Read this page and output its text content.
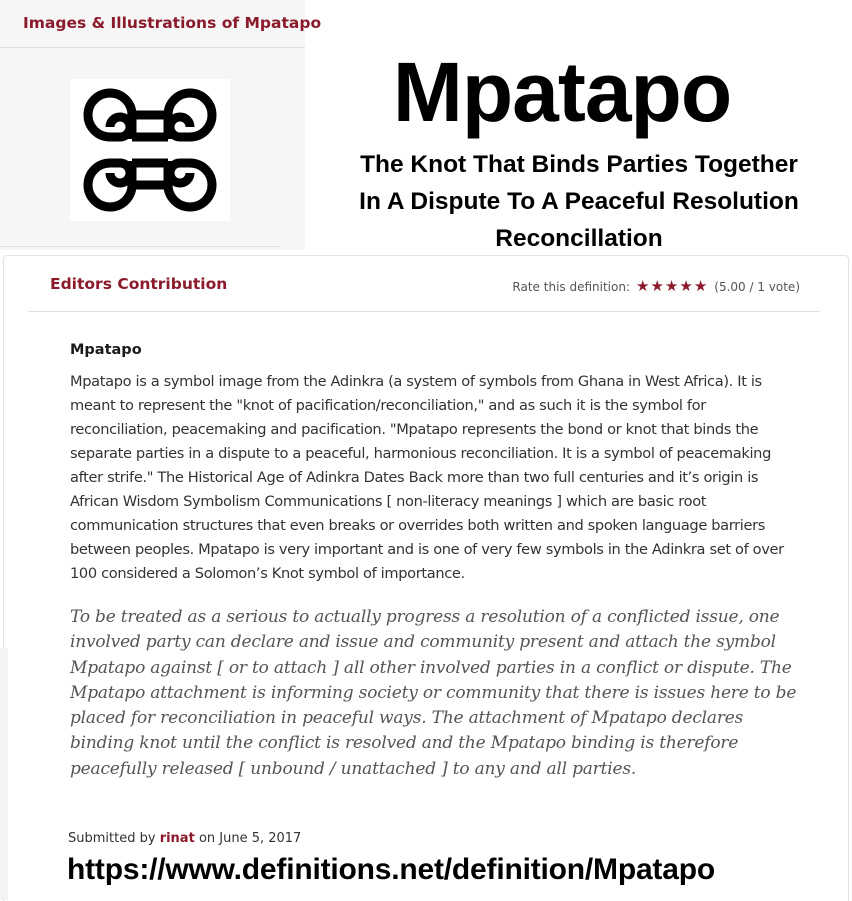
Images & Illustrations of Mpatapo
Mpatapo
The Knot That Binds Parties Together
In A Dispute To A Peaceful Resolution
Reconcillation
Editors Contribution	Rate this definition: ★ ★ ★ ★ ★ (5.00 / 1 vote)
Mpatapo
Mpatapo is a symbol image from the Adinkra (a system of symbols from Ghana in West Africa). It is meant to represent the "knot of pacification/reconciliation," and as such it is the symbol for reconciliation, peacemaking and pacification. "Mpatapo represents the bond or knot that binds the separate parties in a dispute to a peaceful, harmonious reconciliation. It is a symbol of peacemaking after strife." The Historical Age of Adinkra Dates Back more than two full centuries and it’s origin is African Wisdom Symbolism Communications [ non-literacy meanings ] which are basic root communication structures that even breaks or overrides both written and spoken language barriers between peoples. Mpatapo is very important and is one of very few symbols in the Adinkra set of over 100 considered a Solomon’s Knot symbol of importance.
To be treated as a serious to actually progress a resolution of a conflicted issue, one involved party can declare and issue and community present and attach the symbol Mpatapo against [ or to attach ] all other involved parties in a conflict or dispute. The Mpatapo attachment is informing society or community that there is issues here to be placed for reconciliation in peaceful ways. The attachment of Mpatapo declares binding knot until the conflict is resolved and the Mpatapo binding is therefore peacefully released [ unbound / unattached ] to any and all parties.
Submitted by rinat on June 5, 2017
https://www.definitions.net/definition/Mpatapo
